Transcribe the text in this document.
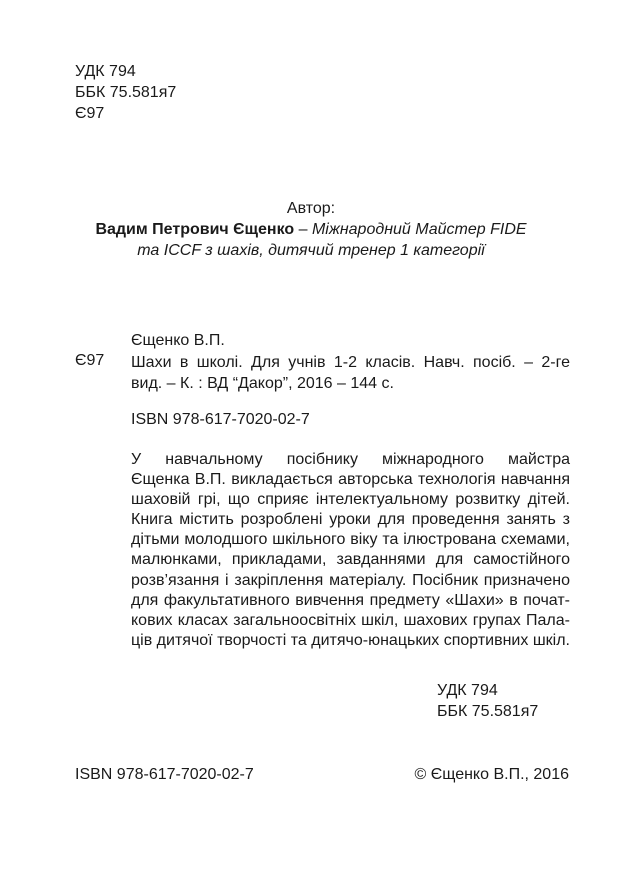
УДК 794
ББК 75.581я7
Є97
Автор:
Вадим Петрович Єщенко – Міжнародний Майстер FIDE
та ICCF з шахів, дитячий тренер 1 категорії
Є97
Єщенко В.П.
Шахи в школі. Для учнів 1-2 класів. Навч. посіб. – 2-ге
вид. – К. : ВД “Дакор”, 2016 – 144 с.
ISBN 978-617-7020-02-7
У навчальному посібнику міжнародного майстра
Єщенка В.П. викладається авторська технологія навчання
шаховій грі, що сприяє інтелектуальному розвитку дітей.
Книга містить розроблені уроки для проведення занять з
дітьми молодшого шкільного віку та ілюстрована схемами,
малюнками, прикладами, завданнями для самостійного
розв’язання і закріплення матеріалу. Посібник призначено
для факультативного вивчення предмету «Шахи» в почат-
кових класах загальноосвітніх шкіл, шахових групах Пала-
ців дитячої творчості та дитячо-юнацьких спортивних шкіл.
УДК 794
ББК 75.581я7
ISBN 978-617-7020-02-7	© Єщенко В.П., 2016
